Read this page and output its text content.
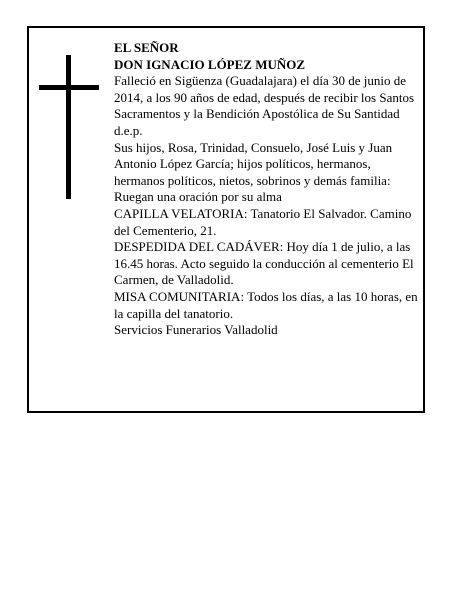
EL SEÑOR

DON IGNACIO LÓPEZ MUÑOZ

Falleció en Sigüenza (Guadalajara) el día 30 de junio de 2014, a los 90 años de edad, después de recibir los Santos Sacramentos y la Bendición Apostólica de Su Santidad

d.e.p.

Sus hijos, Rosa, Trinidad, Consuelo, José Luis y Juan Antonio López García; hijos políticos, hermanos, hermanos políticos, nietos, sobrinos y demás familia:

Ruegan una oración por su alma

CAPILLA VELATORIA: Tanatorio El Salvador. Camino del Cementerio, 21.

DESPEDIDA DEL CADÁVER: Hoy día 1 de julio, a las 16.45 horas. Acto seguido la conducción al cementerio El Carmen, de Valladolid.

MISA COMUNITARIA: Todos los días, a las 10 horas, en la capilla del tanatorio.

Servicios Funerarios Valladolid
